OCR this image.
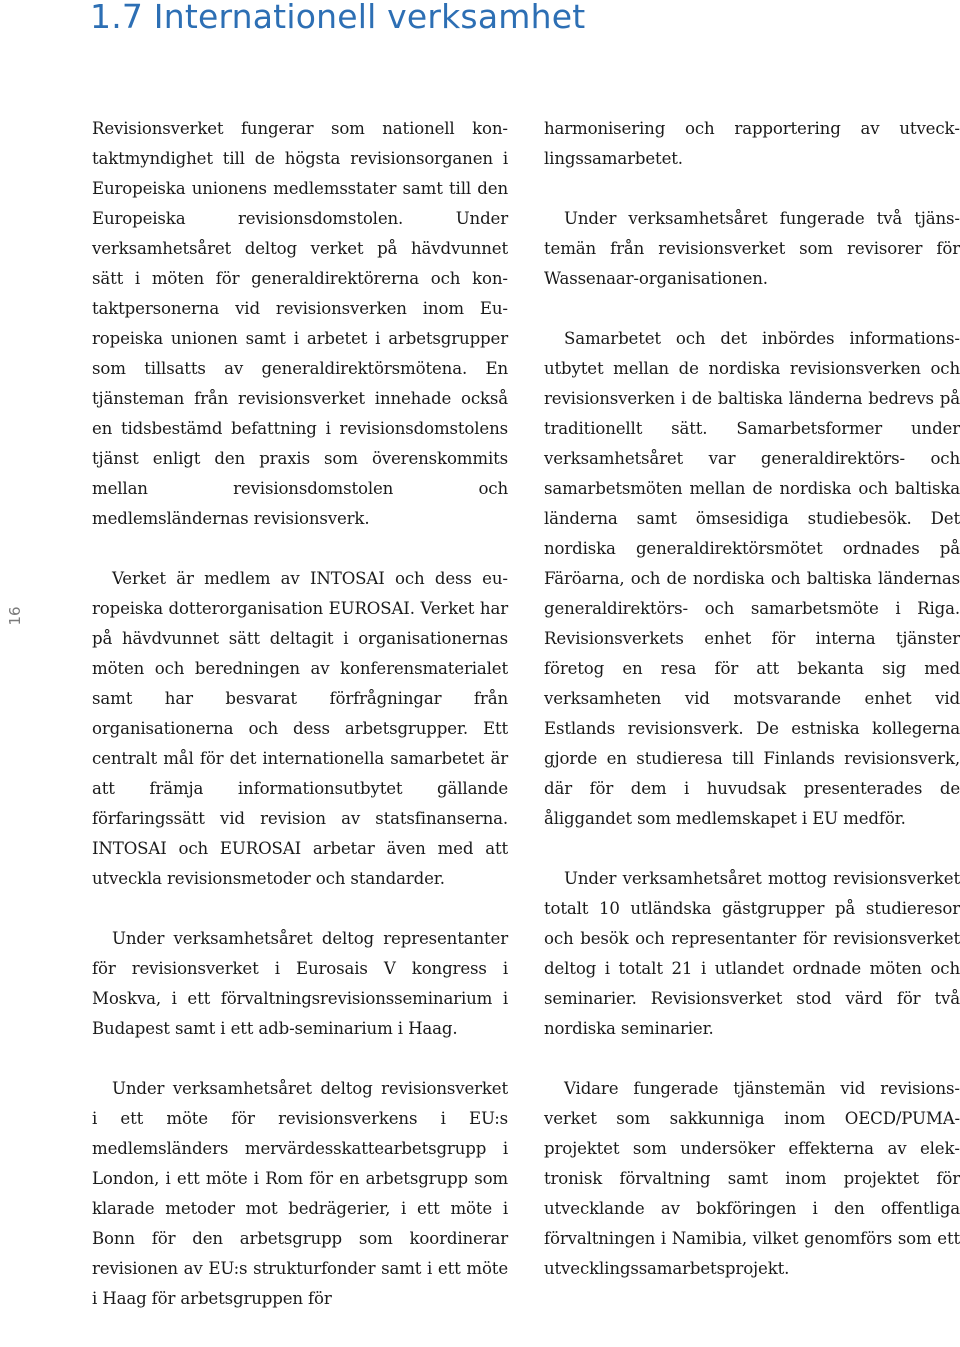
1.7 Internationell verksamhet
16

Revisionsverket fungerar som nationell kontaktmyndighet till de högsta revisionsorganen i Europeiska unionens medlemsstater samt till den Europeiska revisionsdomstolen. Under verksamhetsåret deltog verket på hävdvunnet sätt i möten för generaldirektörerna och kontaktpersonerna vid revisionsverken inom Europeiska unionen samt i arbetet i arbetsgrupper som tillsatts av generaldirektörsmötena. En tjänsteman från revisionsverket innehade också en tidsbestämd befattning i revisionsdomstolens tjänst enligt den praxis som överenskommits mellan revisionsdomstolen och medlemsländernas revisionsverk.

Verket är medlem av INTOSAI och dess europeiska dotterorganisation EUROSAI. Verket har på hävdvunnet sätt deltagit i organisationernas möten och beredningen av konferensmaterialet samt har besvarat förfrågningar från organisationerna och dess arbetsgrupper. Ett centralt mål för det internationella samarbetet är att främja informationsutbytet gällande förfaringssätt vid revision av statsfinanserna. INTOSAI och EUROSAI arbetar även med att utveckla revisionsmetoder och standarder.

Under verksamhetsåret deltog representanter för revisionsverket i Eurosais V kongress i Moskva, i ett förvaltningsrevisionsseminarium i Budapest samt i ett adb-seminarium i Haag.

Under verksamhetsåret deltog revisionsverket i ett möte för revisionsverkens i EU:s medlemsländers mervärdesskattearbetsgrupp i London, i ett möte i Rom för en arbetsgrupp som klarade metoder mot bedrägerier, i ett möte i Bonn för den arbetsgrupp som koordinerar revisionen av EU:s strukturfonder samt i ett möte i Haag för arbetsgruppen för

harmonisering och rapportering av utvecklingssamarbetet.

Under verksamhetsåret fungerade två tjänstemän från revisionsverket som revisorer för Wassenaar-organisationen.

Samarbetet och det inbördes informationsutbytet mellan de nordiska revisionsverken och revisionsverken i de baltiska länderna bedrevs på traditionellt sätt. Samarbetsformer under verksamhetsåret var generaldirektörs- och samarbetsmöten mellan de nordiska och baltiska länderna samt ömsesidiga studiebesök. Det nordiska generaldirektörsmötet ordnades på Färöarna, och de nordiska och baltiska ländernas generaldirektörs- och samarbetsmöte i Riga. Revisionsverkets enhet för interna tjänster företog en resa för att bekanta sig med verksamheten vid motsvarande enhet vid Estlands revisionsverk. De estniska kollegerna gjorde en studieresa till Finlands revisionsverk, där för dem i huvudsak presenterades de åliggandet som medlemskapet i EU medför.

Under verksamhetsåret mottog revisionsverket totalt 10 utländska gästgrupper på studieresor och besök och representanter för revisionsverket deltog i totalt 21 i utlandet ordnade möten och seminarier. Revisionsverket stod värd för två nordiska seminarier.

Vidare fungerade tjänstemän vid revisionsverket som sakkunniga inom OECD/PUMA-projektet som undersöker effekterna av elektronisk förvaltning samt inom projektet för utvecklande av bokföringen i den offentliga förvaltningen i Namibia, vilket genomförs som ett utvecklingssamarbetsprojekt.
